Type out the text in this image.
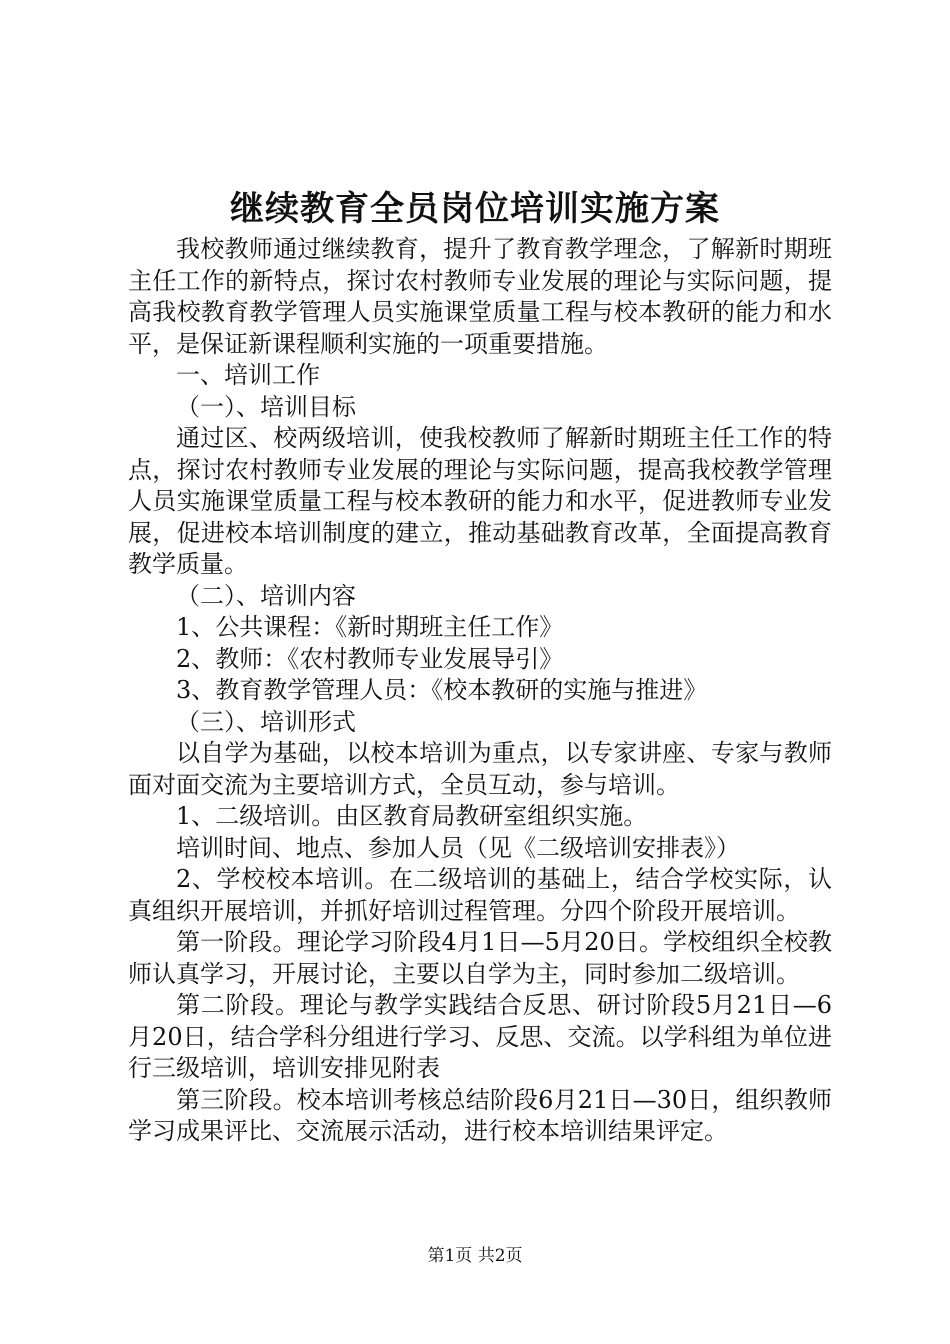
继续教育全员岗位培训实施方案

我校教师通过继续教育，提升了教育教学理念，了解新时期班主任工作的新特点，探讨农村教师专业发展的理论与实际问题，提高我校教育教学管理人员实施课堂质量工程与校本教研的能力和水平，是保证新课程顺利实施的一项重要措施。

一、培训工作

（一）、培训目标

通过区、校两级培训，使我校教师了解新时期班主任工作的特点，探讨农村教师专业发展的理论与实际问题，提高我校教学管理人员实施课堂质量工程与校本教研的能力和水平，促进教师专业发展，促进校本培训制度的建立，推动基础教育改革，全面提高教育教学质量。

（二）、培训内容

1、公共课程：《新时期班主任工作》

2、教师：《农村教师专业发展导引》

3、教育教学管理人员：《校本教研的实施与推进》

（三）、培训形式

以自学为基础，以校本培训为重点，以专家讲座、专家与教师面对面交流为主要培训方式，全员互动，参与培训。

1、二级培训。由区教育局教研室组织实施。

培训时间、地点、参加人员（见《二级培训安排表》）

2、学校校本培训。在二级培训的基础上，结合学校实际，认真组织开展培训，并抓好培训过程管理。分四个阶段开展培训。

第一阶段。理论学习阶段4月1日—5月20日。学校组织全校教师认真学习，开展讨论，主要以自学为主，同时参加二级培训。

第二阶段。理论与教学实践结合反思、研讨阶段5月21日—6月20日，结合学科分组进行学习、反思、交流。以学科组为单位进行三级培训，培训安排见附表

第三阶段。校本培训考核总结阶段6月21日—30日，组织教师学习成果评比、交流展示活动，进行校本培训结果评定。

第1页 共2页
